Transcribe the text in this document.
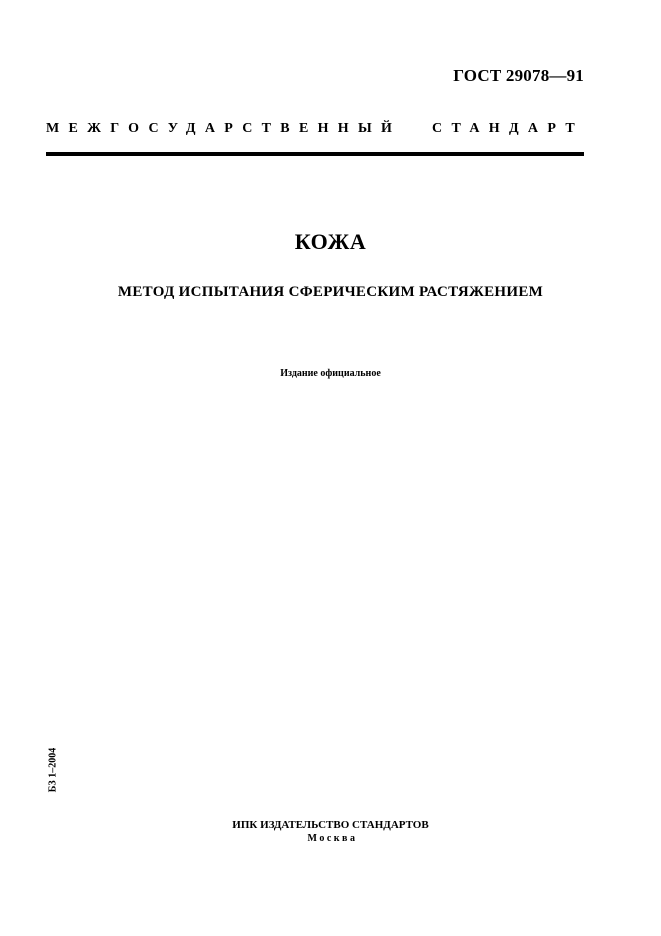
ГОСТ 29078—91
МЕЖГОСУДАРСТВЕННЫЙ СТАНДАРТ
КОЖА
МЕТОД ИСПЫТАНИЯ СФЕРИЧЕСКИМ РАСТЯЖЕНИЕМ
Издание официальное
БЗ 1–2004
ИПК ИЗДАТЕЛЬСТВО СТАНДАРТОВ
Москва
